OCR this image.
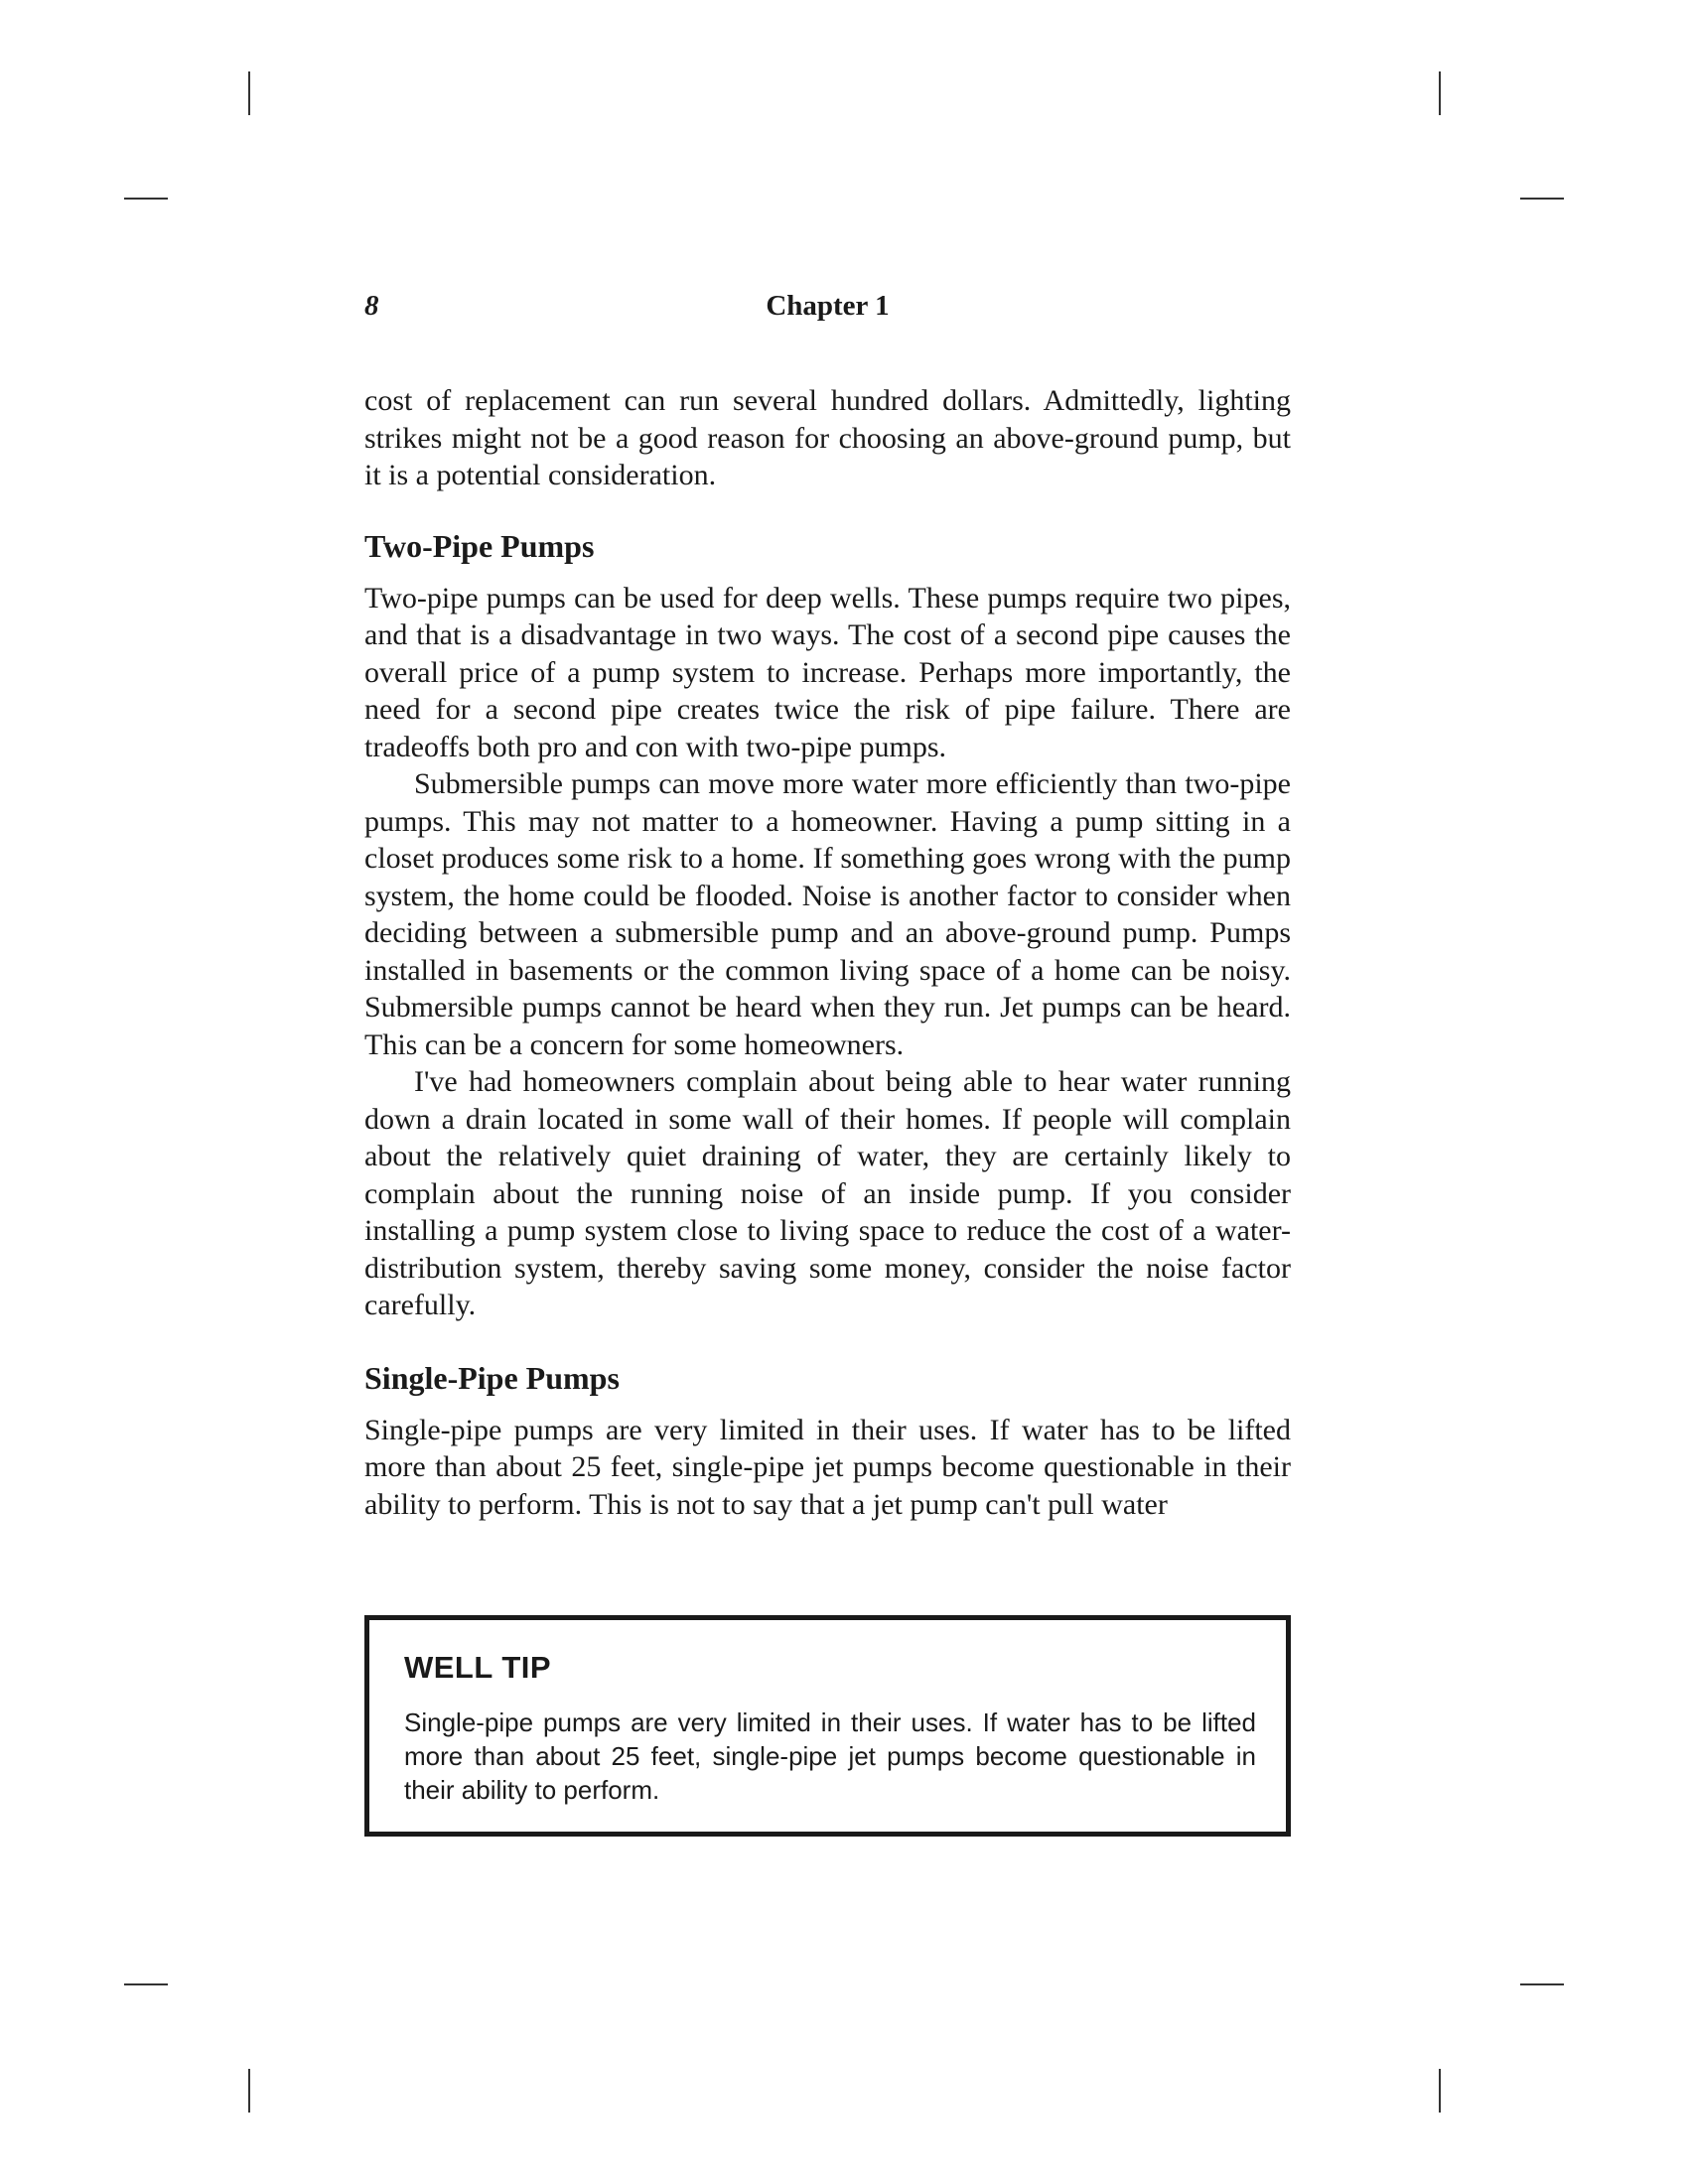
8	Chapter 1

cost of replacement can run several hundred dollars. Admittedly, lighting strikes might not be a good reason for choosing an above-ground pump, but it is a potential consideration.

Two-Pipe Pumps

Two-pipe pumps can be used for deep wells. These pumps require two pipes, and that is a disadvantage in two ways. The cost of a second pipe causes the overall price of a pump system to increase. Perhaps more importantly, the need for a second pipe creates twice the risk of pipe failure. There are tradeoffs both pro and con with two-pipe pumps.

Submersible pumps can move more water more efficiently than two-pipe pumps. This may not matter to a homeowner. Having a pump sitting in a closet produces some risk to a home. If something goes wrong with the pump system, the home could be flooded. Noise is another factor to consider when deciding between a submersible pump and an above-ground pump. Pumps installed in basements or the common living space of a home can be noisy. Submersible pumps cannot be heard when they run. Jet pumps can be heard. This can be a concern for some homeowners.

I've had homeowners complain about being able to hear water running down a drain located in some wall of their homes. If people will complain about the relatively quiet draining of water, they are certainly likely to complain about the running noise of an inside pump. If you consider installing a pump system close to living space to reduce the cost of a water-distribution system, thereby saving some money, consider the noise factor carefully.

Single-Pipe Pumps

Single-pipe pumps are very limited in their uses. If water has to be lifted more than about 25 feet, single-pipe jet pumps become questionable in their ability to perform. This is not to say that a jet pump can't pull water

WELL TIP

Single-pipe pumps are very limited in their uses. If water has to be lifted more than about 25 feet, single-pipe jet pumps become questionable in their ability to perform.
